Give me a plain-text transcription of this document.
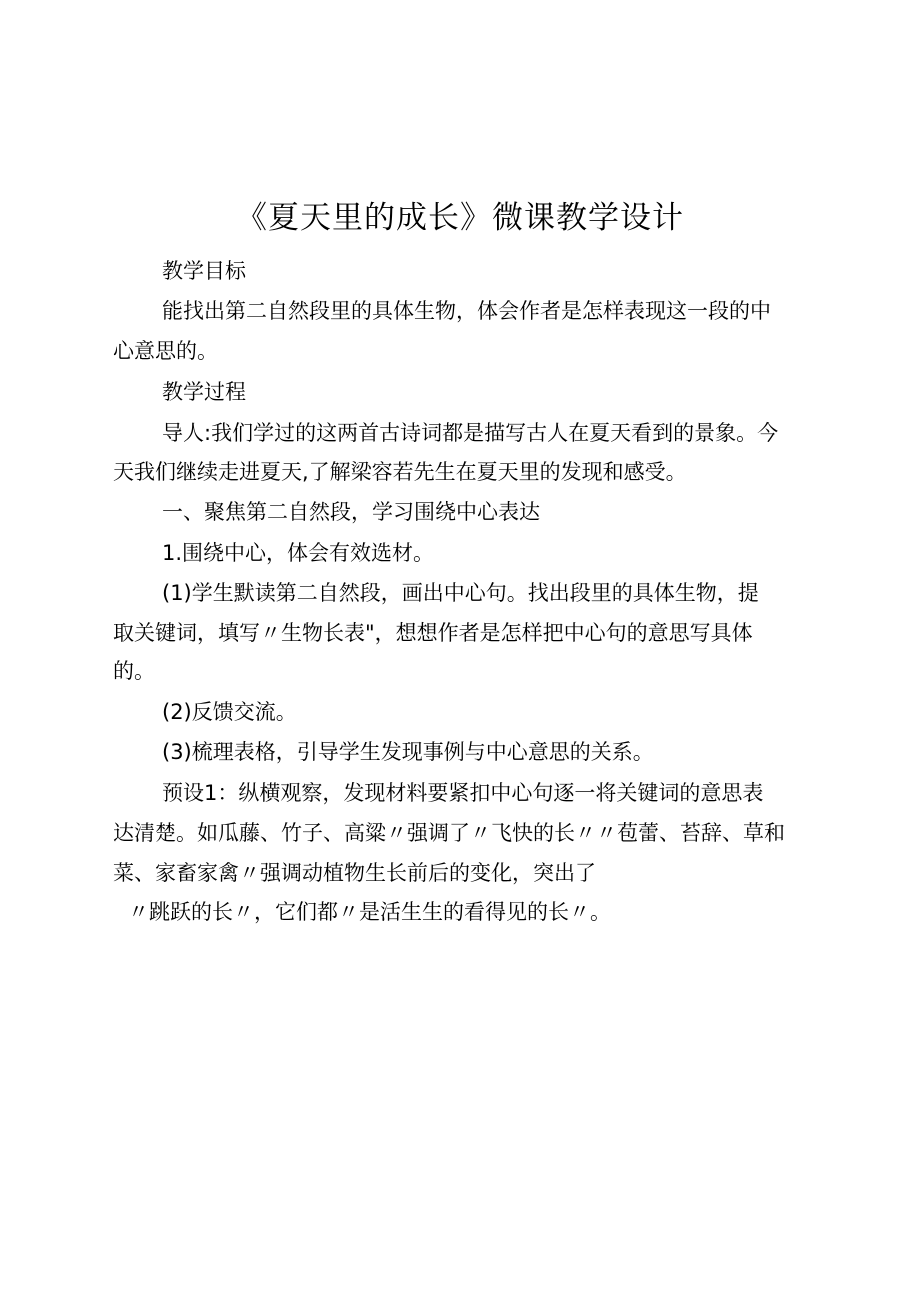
《夏天里的成长》微课教学设计
教学目标
能找出第二自然段里的具体生物，体会作者是怎样表现这一段的中
心意思的。
教学过程
导人:我们学过的这两首古诗词都是描写古人在夏天看到的景象。今
天我们继续走进夏天,了解梁容若先生在夏天里的发现和感受。
一、聚焦第二自然段，学习围绕中心表达
1.围绕中心，体会有效选材。
(1)学生默读第二自然段，画出中心句。找出段里的具体生物，提
取关键词，填写〃生物长表"，想想作者是怎样把中心句的意思写具体
的。
(2)反馈交流。
(3)梳理表格，引导学生发现事例与中心意思的关系。
预设1：纵横观察，发现材料要紧扣中心句逐一将关键词的意思表
达清楚。如瓜藤、竹子、高粱〃强调了〃飞快的长〃〃苞蕾、苔辞、草和
菜、家畜家禽〃强调动植物生长前后的变化，突出了
〃跳跃的长〃，它们都〃是活生生的看得见的长〃。
